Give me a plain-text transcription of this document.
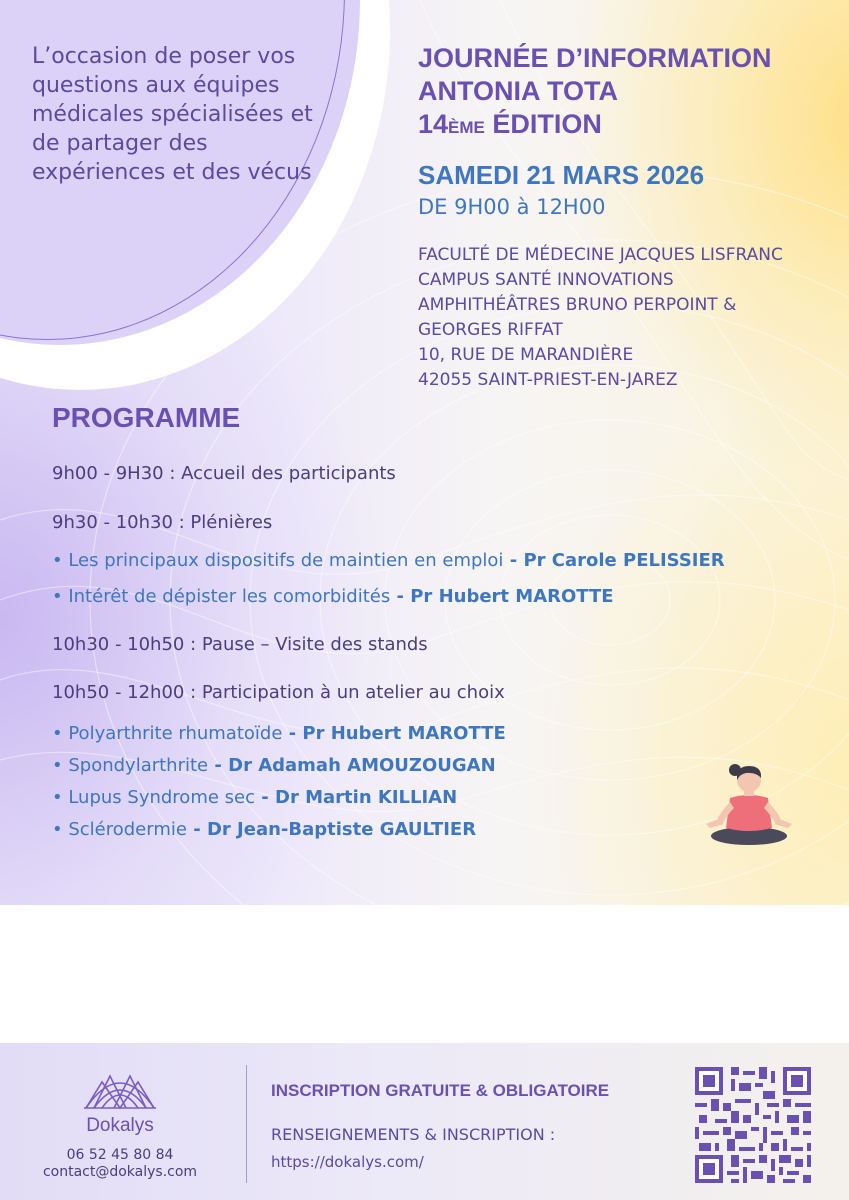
L’occasion de poser vos questions aux équipes médicales spécialisées et de partager des expériences et des vécus

JOURNÉE D’INFORMATION
ANTONIA TOTA
14ÈME ÉDITION

SAMEDI 21 MARS 2026

DE 9H00 à 12H00

FACULTÉ DE MÉDECINE JACQUES LISFRANC
CAMPUS SANTÉ INNOVATIONS
AMPHITHÉÂTRES BRUNO PERPOINT &
GEORGES RIFFAT
10, RUE DE MARANDIÈRE
42055 SAINT-PRIEST-EN-JAREZ
PROGRAMME

9h00 - 9H30 : Accueil des participants

9h30 - 10h30 : Plénières

• Les principaux dispositifs de maintien en emploi - Pr Carole PELISSIER

• Intérêt de dépister les comorbidités - Pr Hubert MAROTTE

10h30 - 10h50 : Pause – Visite des stands

10h50 - 12h00 : Participation à un atelier au choix

• Polyarthrite rhumatoïde - Pr Hubert MAROTTE

• Spondylarthrite - Dr Adamah AMOUZOUGAN

• Lupus Syndrome sec - Dr Martin KILLIAN

• Sclérodermie - Dr Jean-Baptiste GAULTIER

Dokalys

06 52 45 80 84

contact@dokalys.com

INSCRIPTION GRATUITE & OBLIGATOIRE

RENSEIGNEMENTS & INSCRIPTION :

https://dokalys.com/
